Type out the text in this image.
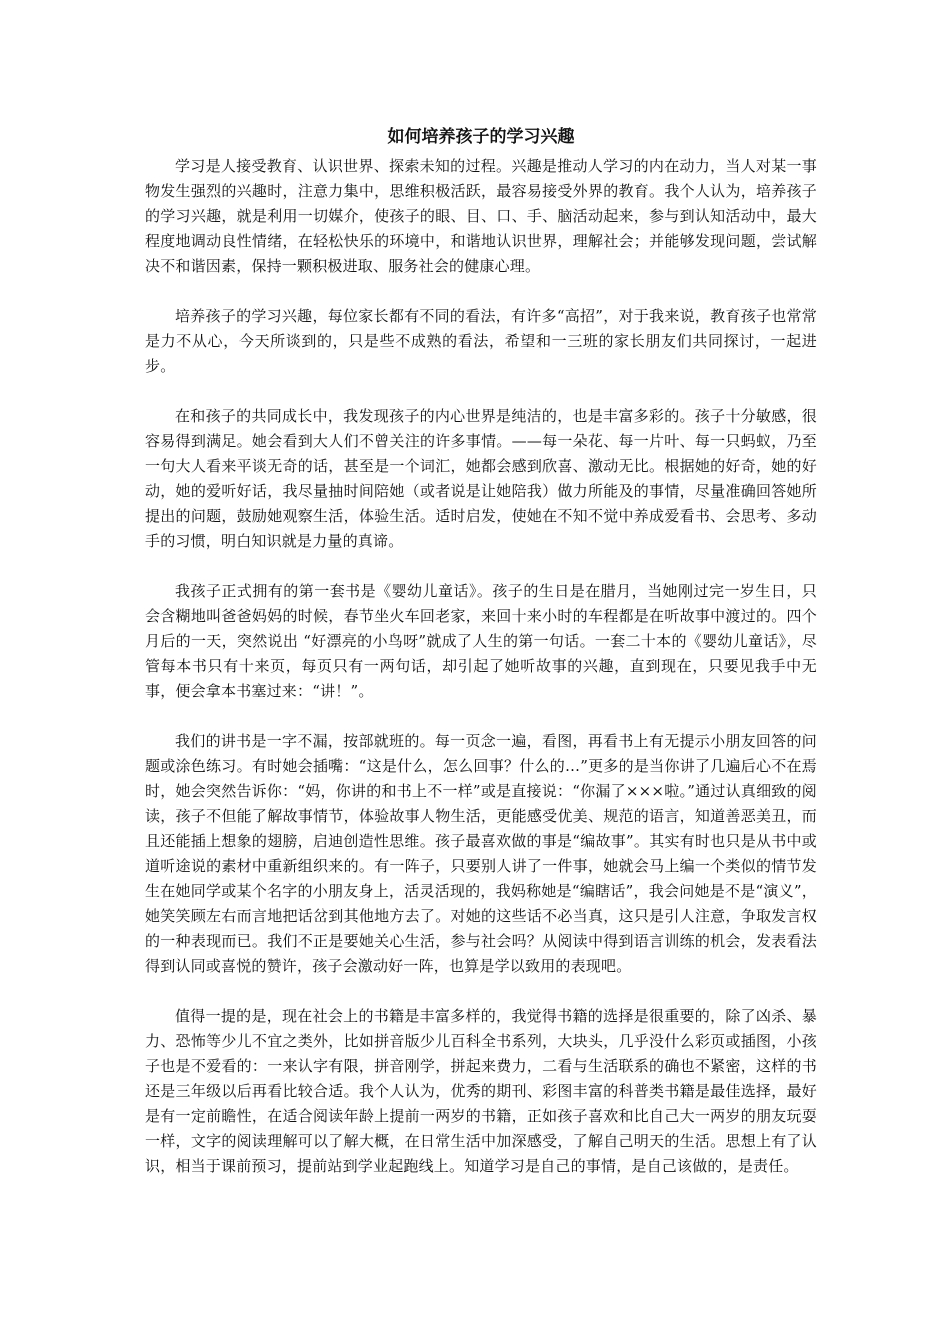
如何培养孩子的学习兴趣

学习是人接受教育、认识世界、探索未知的过程。兴趣是推动人学习的内在动力，当人对某一事物发生强烈的兴趣时，注意力集中，思维积极活跃，最容易接受外界的教育。我个人认为，培养孩子的学习兴趣，就是利用一切媒介，使孩子的眼、目、口、手、脑活动起来，参与到认知活动中，最大程度地调动良性情绪，在轻松快乐的环境中，和谐地认识世界，理解社会；并能够发现问题，尝试解决不和谐因素，保持一颗积极进取、服务社会的健康心理。

培养孩子的学习兴趣，每位家长都有不同的看法，有许多“高招”，对于我来说，教育孩子也常常是力不从心，今天所谈到的，只是些不成熟的看法，希望和一三班的家长朋友们共同探讨，一起进步。

在和孩子的共同成长中，我发现孩子的内心世界是纯洁的，也是丰富多彩的。孩子十分敏感，很容易得到满足。她会看到大人们不曾关注的许多事情。——每一朵花、每一片叶、每一只蚂蚁，乃至一句大人看来平谈无奇的话，甚至是一个词汇，她都会感到欣喜、激动无比。根据她的好奇，她的好动，她的爱听好话，我尽量抽时间陪她（或者说是让她陪我）做力所能及的事情，尽量准确回答她所提出的问题，鼓励她观察生活，体验生活。适时启发，使她在不知不觉中养成爱看书、会思考、多动手的习惯，明白知识就是力量的真谛。

我孩子正式拥有的第一套书是《婴幼儿童话》。孩子的生日是在腊月，当她刚过完一岁生日，只会含糊地叫爸爸妈妈的时候，春节坐火车回老家，来回十来小时的车程都是在听故事中渡过的。四个月后的一天，突然说出 “好漂亮的小鸟呀”就成了人生的第一句话。一套二十本的《婴幼儿童话》，尽管每本书只有十来页，每页只有一两句话，却引起了她听故事的兴趣，直到现在，只要见我手中无事，便会拿本书塞过来：“讲！”。

我们的讲书是一字不漏，按部就班的。每一页念一遍，看图，再看书上有无提示小朋友回答的问题或涂色练习。有时她会插嘴：“这是什么，怎么回事？什么的…”更多的是当你讲了几遍后心不在焉时，她会突然告诉你：“妈，你讲的和书上不一样”或是直接说：“你漏了×××啦。”通过认真细致的阅读，孩子不但能了解故事情节，体验故事人物生活，更能感受优美、规范的语言，知道善恶美丑，而且还能插上想象的翅膀，启迪创造性思维。孩子最喜欢做的事是“编故事”。其实有时也只是从书中或道听途说的素材中重新组织来的。有一阵子，只要别人讲了一件事，她就会马上编一个类似的情节发生在她同学或某个名字的小朋友身上，活灵活现的，我妈称她是“编瞎话”，我会问她是不是“演义”，她笑笑顾左右而言地把话岔到其他地方去了。对她的这些话不必当真，这只是引人注意，争取发言权的一种表现而已。我们不正是要她关心生活，参与社会吗？从阅读中得到语言训练的机会，发表看法得到认同或喜悦的赞许，孩子会激动好一阵，也算是学以致用的表现吧。

值得一提的是，现在社会上的书籍是丰富多样的，我觉得书籍的选择是很重要的，除了凶杀、暴力、恐怖等少儿不宜之类外，比如拼音版少儿百科全书系列，大块头，几乎没什么彩页或插图，小孩子也是不爱看的：一来认字有限，拼音刚学，拼起来费力，二看与生活联系的确也不紧密，这样的书还是三年级以后再看比较合适。我个人认为，优秀的期刊、彩图丰富的科普类书籍是最佳选择，最好是有一定前瞻性，在适合阅读年龄上提前一两岁的书籍，正如孩子喜欢和比自己大一两岁的朋友玩耍一样，文字的阅读理解可以了解大概，在日常生活中加深感受，了解自己明天的生活。思想上有了认识，相当于课前预习，提前站到学业起跑线上。知道学习是自己的事情，是自己该做的，是责任。
